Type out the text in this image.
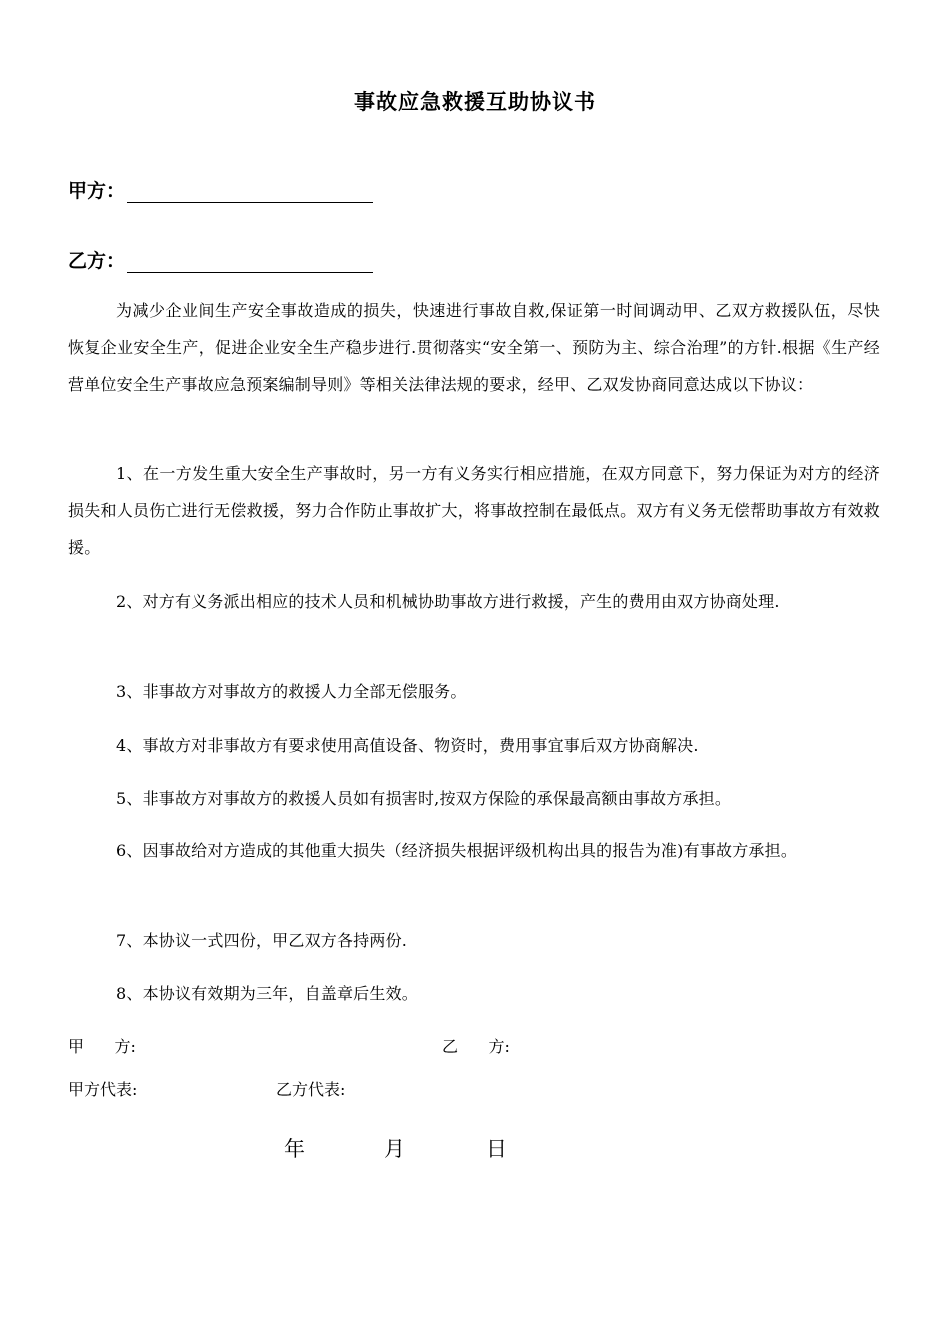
事故应急救援互助协议书
甲方：
乙方：
为减少企业间生产安全事故造成的损失，快速进行事故自救,保证第一时间调动甲、乙双方救援队伍，尽快恢复企业安全生产，促进企业安全生产稳步进行.贯彻落实“安全第一、预防为主、综合治理”的方针.根据《生产经营单位安全生产事故应急预案编制导则》等相关法律法规的要求，经甲、乙双发协商同意达成以下协议：
1、在一方发生重大安全生产事故时，另一方有义务实行相应措施，在双方同意下，努力保证为对方的经济损失和人员伤亡进行无偿救援，努力合作防止事故扩大，将事故控制在最低点。双方有义务无偿帮助事故方有效救援。
2、对方有义务派出相应的技术人员和机械协助事故方进行救援，产生的费用由双方协商处理.
3、非事故方对事故方的救援人力全部无偿服务。
4、事故方对非事故方有要求使用高值设备、物资时，费用事宜事后双方协商解决.
5、非事故方对事故方的救援人员如有损害时,按双方保险的承保最高额由事故方承担。
6、因事故给对方造成的其他重大损失（经济损失根据评级机构出具的报告为准)有事故方承担。
7、本协议一式四份，甲乙双方各持两份.
8、本协议有效期为三年，自盖章后生效。
甲      方:	乙      方:
甲方代表:	乙方代表:
年	月	日
